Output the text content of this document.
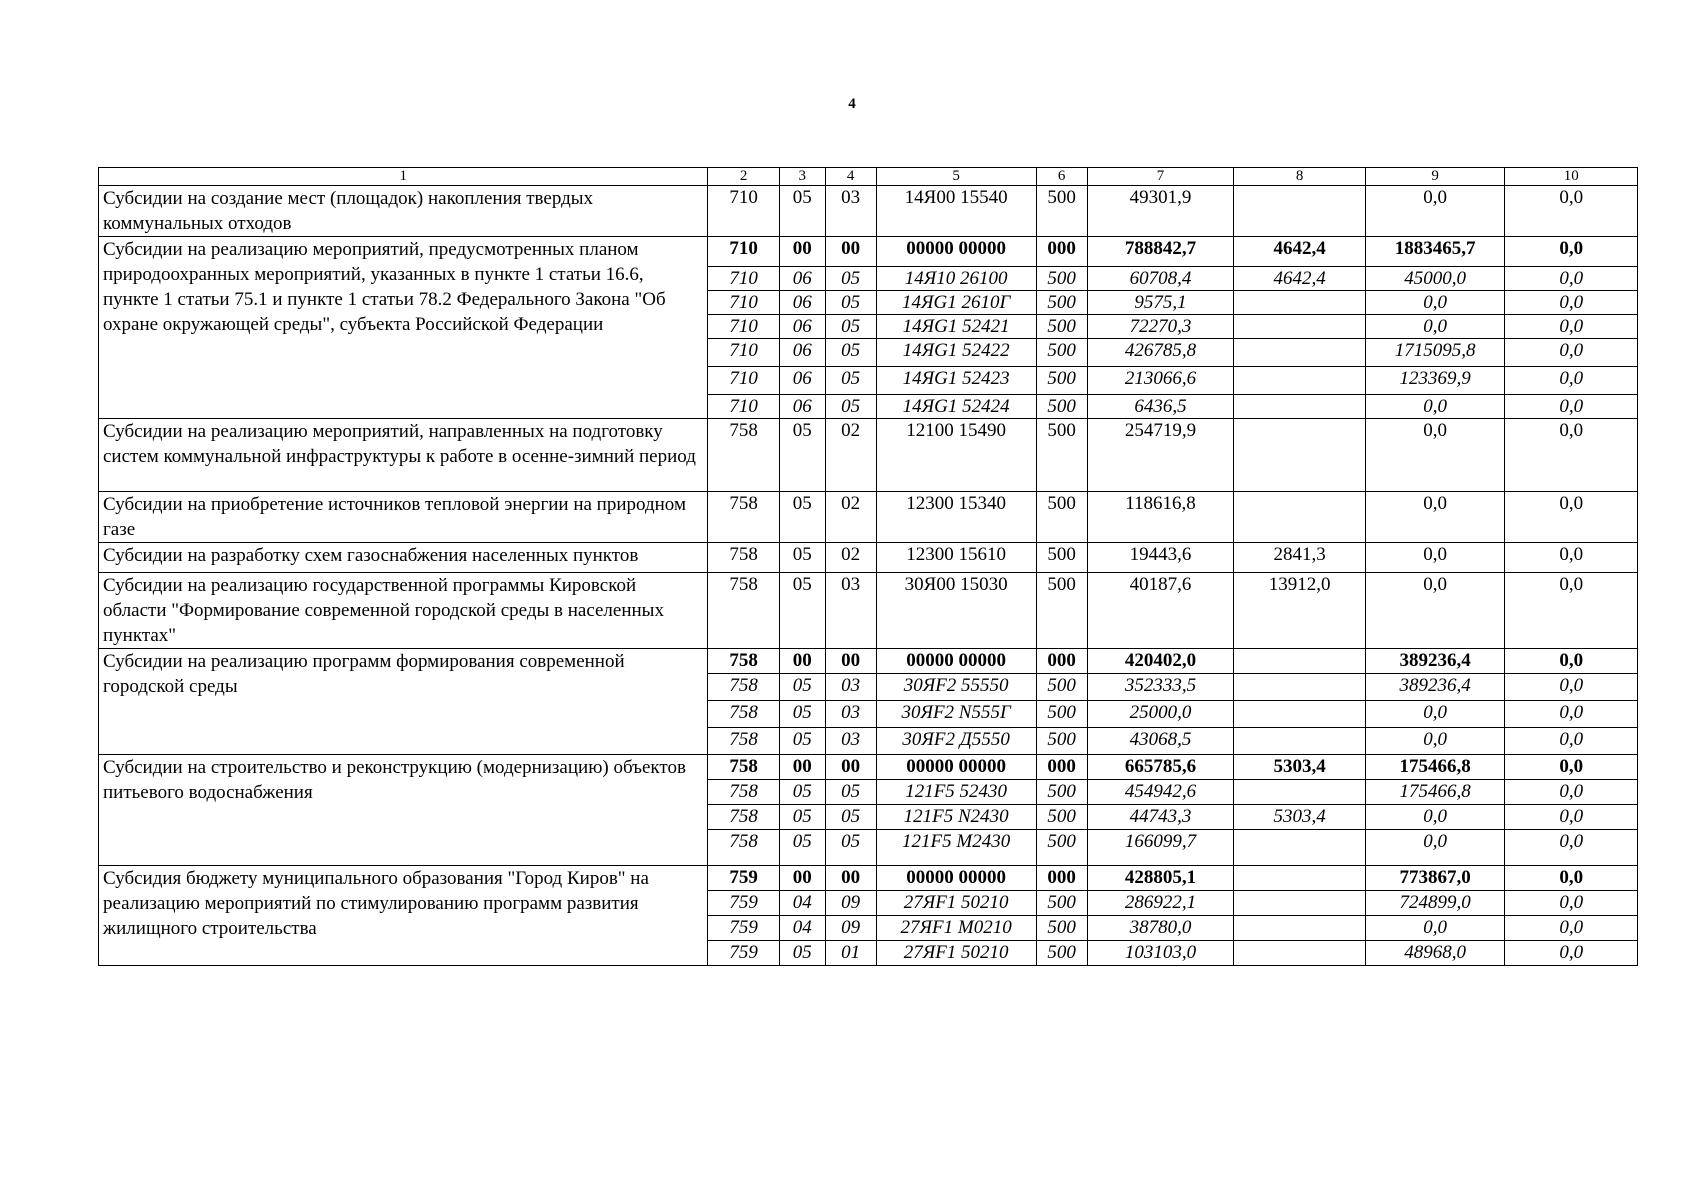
4
1	2	3	4	5	6	7	8	9	10
Субсидии на создание мест (площадок) накопления твердых коммунальных отходов	710	05	03	14Я00 15540	500	49301,9		0,0	0,0
Субсидии на реализацию мероприятий, предусмотренных планом природоохранных мероприятий, указанных в пункте 1 статьи 16.6, пункте 1 статьи 75.1 и пункте 1 статьи 78.2 Федерального Закона "Об охране окружающей среды", субъекта Российской Федерации	710	00	00	00000 00000	000	788842,7	4642,4	1883465,7	0,0
	710	06	05	14Я10 26100	500	60708,4	4642,4	45000,0	0,0
	710	06	05	14ЯG1 2610Г	500	9575,1		0,0	0,0
	710	06	05	14ЯG1 52421	500	72270,3		0,0	0,0
	710	06	05	14ЯG1 52422	500	426785,8		1715095,8	0,0
	710	06	05	14ЯG1 52423	500	213066,6		123369,9	0,0
	710	06	05	14ЯG1 52424	500	6436,5		0,0	0,0
Субсидии на реализацию мероприятий, направленных на подготовку систем коммунальной инфраструктуры к работе в осенне-зимний период	758	05	02	12100 15490	500	254719,9		0,0	0,0
Субсидии на приобретение источников тепловой энергии на природном газе	758	05	02	12300 15340	500	118616,8		0,0	0,0
Субсидии на разработку схем газоснабжения населенных пунктов	758	05	02	12300 15610	500	19443,6	2841,3	0,0	0,0
Субсидии на реализацию государственной программы Кировской области "Формирование современной городской среды в населенных пунктах"	758	05	03	30Я00 15030	500	40187,6	13912,0	0,0	0,0
Субсидии на реализацию программ формирования современной городской среды	758	00	00	00000 00000	000	420402,0		389236,4	0,0
	758	05	03	30ЯF2 55550	500	352333,5		389236,4	0,0
	758	05	03	30ЯF2 N555Г	500	25000,0		0,0	0,0
	758	05	03	30ЯF2 Д5550	500	43068,5		0,0	0,0
Субсидии на строительство и реконструкцию (модернизацию) объектов питьевого водоснабжения	758	00	00	00000 00000	000	665785,6	5303,4	175466,8	0,0
	758	05	05	121F5 52430	500	454942,6		175466,8	0,0
	758	05	05	121F5 N2430	500	44743,3	5303,4	0,0	0,0
	758	05	05	121F5 M2430	500	166099,7		0,0	0,0
Субсидия бюджету муниципального образования "Город Киров" на реализацию мероприятий по стимулированию программ развития жилищного строительства	759	00	00	00000 00000	000	428805,1		773867,0	0,0
	759	04	09	27ЯF1 50210	500	286922,1		724899,0	0,0
	759	04	09	27ЯF1 M0210	500	38780,0		0,0	0,0
	759	05	01	27ЯF1 50210	500	103103,0		48968,0	0,0
